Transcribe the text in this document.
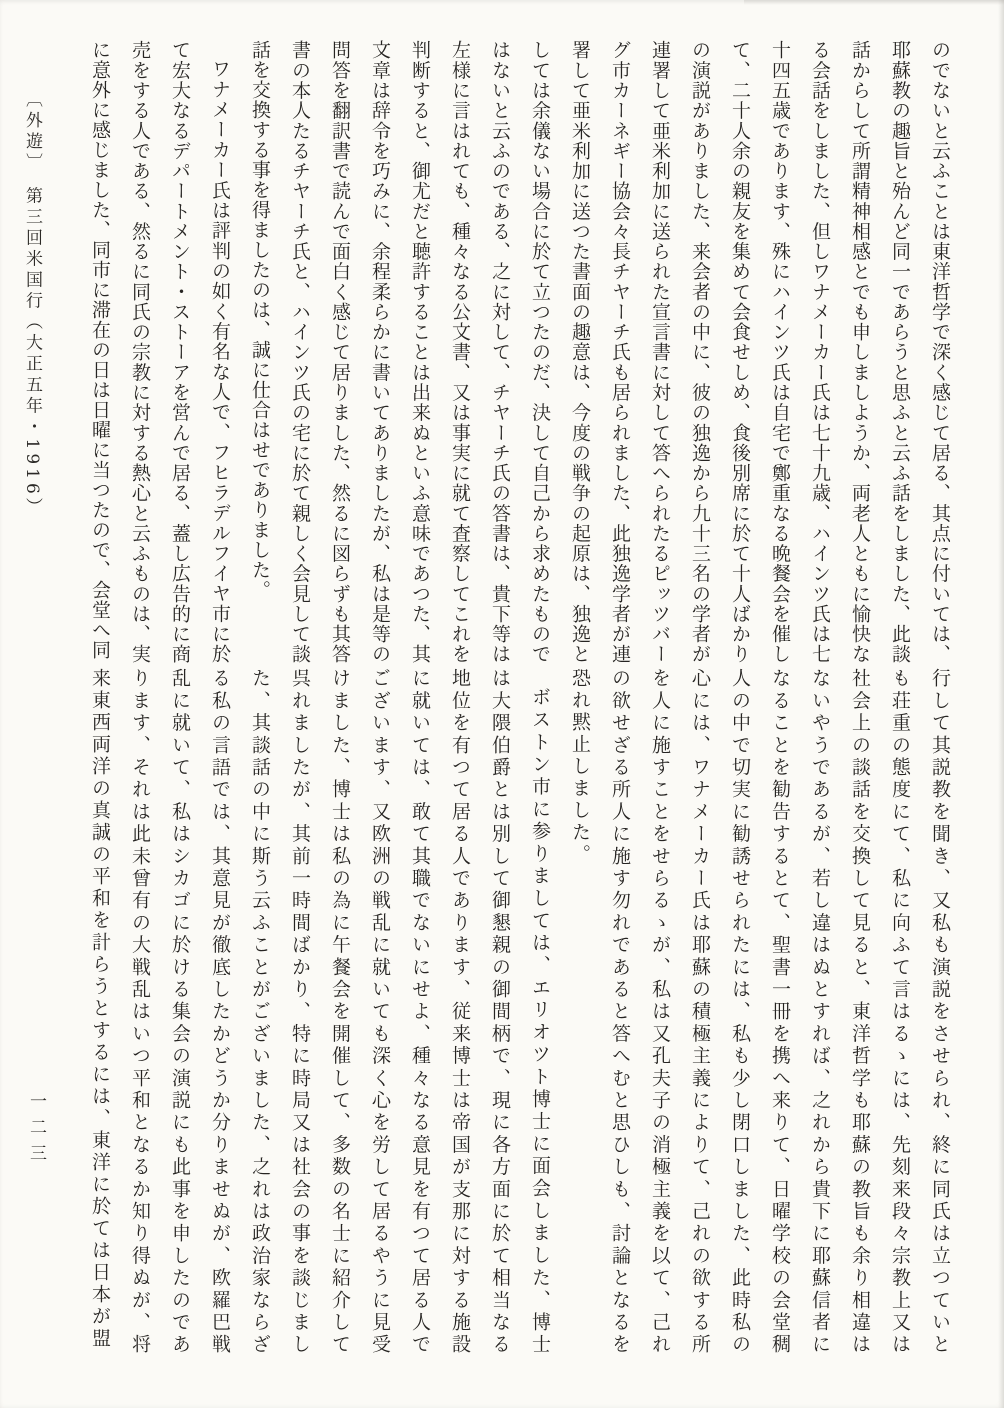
のでないと云ふことは東洋哲学で深く感じて居る、其点に付いては、耶蘇教の趣旨と殆んど同一であらうと思ふと云ふ話をしました、此談話からして所謂精神相感とでも申しましようか、両老人ともに愉快なる会話をしました、但しワナメーカー氏は七十九歳、ハインツ氏は七十四五歳であります、殊にハインツ氏は自宅で鄭重なる晩餐会を催して、二十人余の親友を集めて会食せしめ、食後別席に於て十人ばかりの演説がありました、来会者の中に、彼の独逸から九十三名の学者が連署して亜米利加に送られた宣言書に対して答へられたるピッツバーグ市カーネギー協会々長チヤーチ氏も居られました、此独逸学者が連署して亜米利加に送つた書面の趣意は、今度の戦争の起原は、独逸としては余儀ない場合に於て立つたのだ、決して自己から求めたものではないと云ふのである、之に対して、チヤーチ氏の答書は、貴下等は左様に言はれても、種々なる公文書、又は事実に就て査察してこれを判断すると、御尤だと聴許することは出来ぬといふ意味であつた、其文章は辞令を巧みに、余程柔らかに書いてありましたが、私は是等の問答を翻訳書で読んで面白く感じて居りました、然るに図らずも其答書の本人たるチヤーチ氏と、ハインツ氏の宅に於て親しく会見して談話を交換する事を得ましたのは、誠に仕合はせでありました。

ワナメーカー氏は評判の如く有名な人で、フヒラデルフイヤ市に於て宏大なるデパートメント・ストーアを営んで居る、蓋し広告的に商売をする人である、然るに同氏の宗教に対する熱心と云ふものは、実に意外に感じました、同市に滞在の日は日曜に当つたので、会堂へ同

行して其説教を聞き、又私も演説をさせられ、終に同氏は立つていとも荘重の態度にて、私に向ふて言はるゝには、先刻来段々宗教上又は社会上の談話を交換して見ると、東洋哲学も耶蘇の教旨も余り相違はないやうであるが、若し違はぬとすれば、之れから貴下に耶蘇信者になることを勧告するとて、聖書一冊を携へ来りて、日曜学校の会堂稠人の中で切実に勧誘せられたには、私も少し閉口しました、此時私の心には、ワナメーカー氏は耶蘇の積極主義によりて、己れの欲する所を人に施すことをせらるゝが、私は又孔夫子の消極主義を以て、己れの欲せざる所人に施す勿れであると答へむと思ひしも、討論となるを恐れ黙止しました。

ボストン市に参りましては、エリオツト博士に面会しました、博士は大隈伯爵とは別して御懇親の御間柄で、現に各方面に於て相当なる地位を有つて居る人であります、従来博士は帝国が支那に対する施設に就いては、敢て其職でないにせよ、種々なる意見を有つて居る人でございます、又欧洲の戦乱に就いても深く心を労して居るやうに見受けました、博士は私の為に午餐会を開催して、多数の名士に紹介して呉れましたが、其前一時間ばかり、特に時局又は社会の事を談じました、其談話の中に斯う云ふことがございました、之れは政治家ならざる私の言語では、其意見が徹底したかどうか分りませぬが、欧羅巴戦乱に就いて、私はシカゴに於ける集会の演説にも此事を申したのであります、それは此未曾有の大戦乱はいつ平和となるか知り得ぬが、将来東西両洋の真誠の平和を計らうとするには、東洋に於ては日本が盟

〔外遊〕　第三回米国行（大正五年・1916）
一二三
